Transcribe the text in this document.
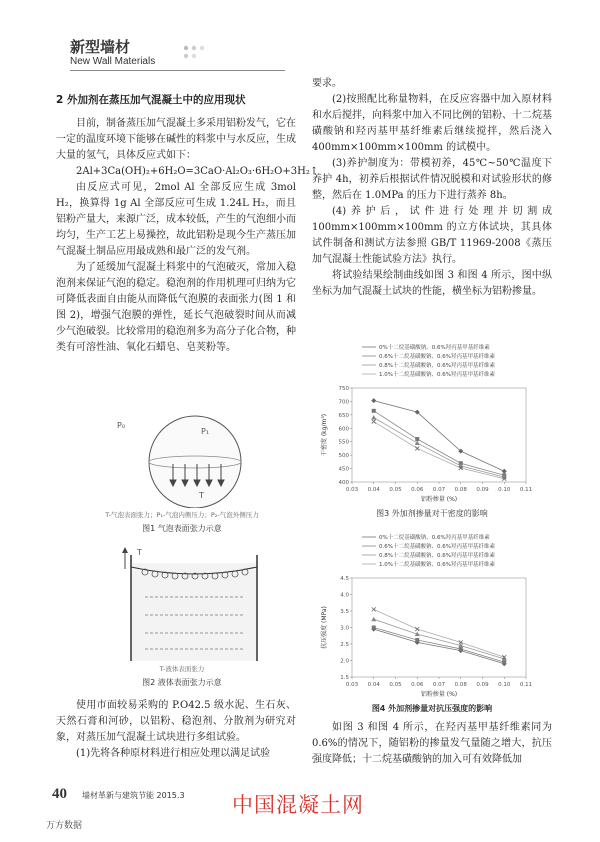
新型墙材
New Wall Materials
2 外加剂在蒸压加气混凝土中的应用现状

目前，制备蒸压加气混凝土多采用铝粉发气，它在一定的温度环境下能够在碱性的料浆中与水反应，生成大量的氢气，具体反应式如下：

2Al+3Ca(OH)₂+6H₂O=3CaO·Al₂O₃·6H₂O+3H₂↑

由反应式可见，2mol Al 全部反应生成 3mol H₂，换算得 1g Al 全部反应可生成 1.24L H₂，而且铝粉产量大，来源广泛，成本较低，产生的气泡细小而均匀，生产工艺上易操控，故此铝粉是现今生产蒸压加气混凝土制品应用最成熟和最广泛的发气剂。

为了延缓加气混凝土料浆中的气泡破灭，常加入稳泡剂来保证气泡的稳定。稳泡剂的作用机理可归纳为它可降低表面自由能从而降低气泡膜的表面张力(图 1 和图 2)，增强气泡膜的弹性，延长气泡破裂时间从而减少气泡破裂。比较常用的稳泡剂多为高分子化合物，种类有可溶性油、氧化石蜡皂、皂荚粉等。

P₀
P₁
T
T-气泡表面张力；P₁-气泡内侧压力；P₂-气泡外侧压力
图1 气泡表面张力示意
T
T-液体表面张力
图2 液体表面张力示意

使用市面较易采购的 P.O42.5 级水泥、生石灰、天然石膏和河砂，以铝粉、稳泡剂、分散剂为研究对象，对蒸压加气混凝土试块进行多组试验。

(1)先将各种原材料进行相应处理以满足试验

要求。

(2)按照配比称量物料，在反应容器中加入原材料和水后搅拌，向料浆中加入不同比例的铝粉、十二烷基磺酸钠和羟丙基甲基纤维素后继续搅拌，然后浇入 400mm×100mm×100mm 的试模中。

(3)养护制度为：带模初养，45℃~50℃温度下养护 4h，初养后根据试件情况脱模和对试验形状的修整，然后在 1.0MPa 的压力下进行蒸养 8h。

(4)养护后，试件进行处理并切割成 100mm×100mm×100mm 的立方体试块，其具体试件制备和测试方法参照 GB/T 11969-2008《蒸压加气混凝土性能试验方法》执行。

将试验结果绘制曲线如图 3 和图 4 所示，图中纵坐标为加气混凝土试块的性能，横坐标为铝粉掺量。

0.03 0.04 0.05 0.06 0.07 0.08 0.09 0.10 0.11
400
450
500
550
600
650
700
750
铝粉掺量 (%)
干密度 (kg/m³)
0%十二烷基磺酸钠、0.6%羟丙基甲基纤维素
0.6%十二烷基磺酸钠、0.6%羟丙基甲基纤维素
0.8%十二烷基磺酸钠、0.6%羟丙基甲基纤维素
1.0%十二烷基磺酸钠、0.6%羟丙基甲基纤维素
图3 外加剂掺量对干密度的影响
0.03 0.04 0.05 0.06 0.07 0.08 0.09 0.10 0.11
1.5
2.0
2.5
3.0
3.5
4.0
4.5
铝粉掺量 (%)
抗压强度 (MPa)
0%十二烷基磺酸钠、0.6%羟丙基甲基纤维素
0.6%十二烷基磺酸钠、0.6%羟丙基甲基纤维素
0.8%十二烷基磺酸钠、0.6%羟丙基甲基纤维素
1.0%十二烷基磺酸钠、0.6%羟丙基甲基纤维素
图4 外加剂掺量对抗压强度的影响

如图 3 和图 4 所示，在羟丙基甲基纤维素同为 0.6%的情况下，随铝粉的掺量发气量随之增大，抗压强度降低；十二烷基磺酸钠的加入可有效降低加

40 墙材革新与建筑节能 2015.3 中国混凝土网
万方数据
